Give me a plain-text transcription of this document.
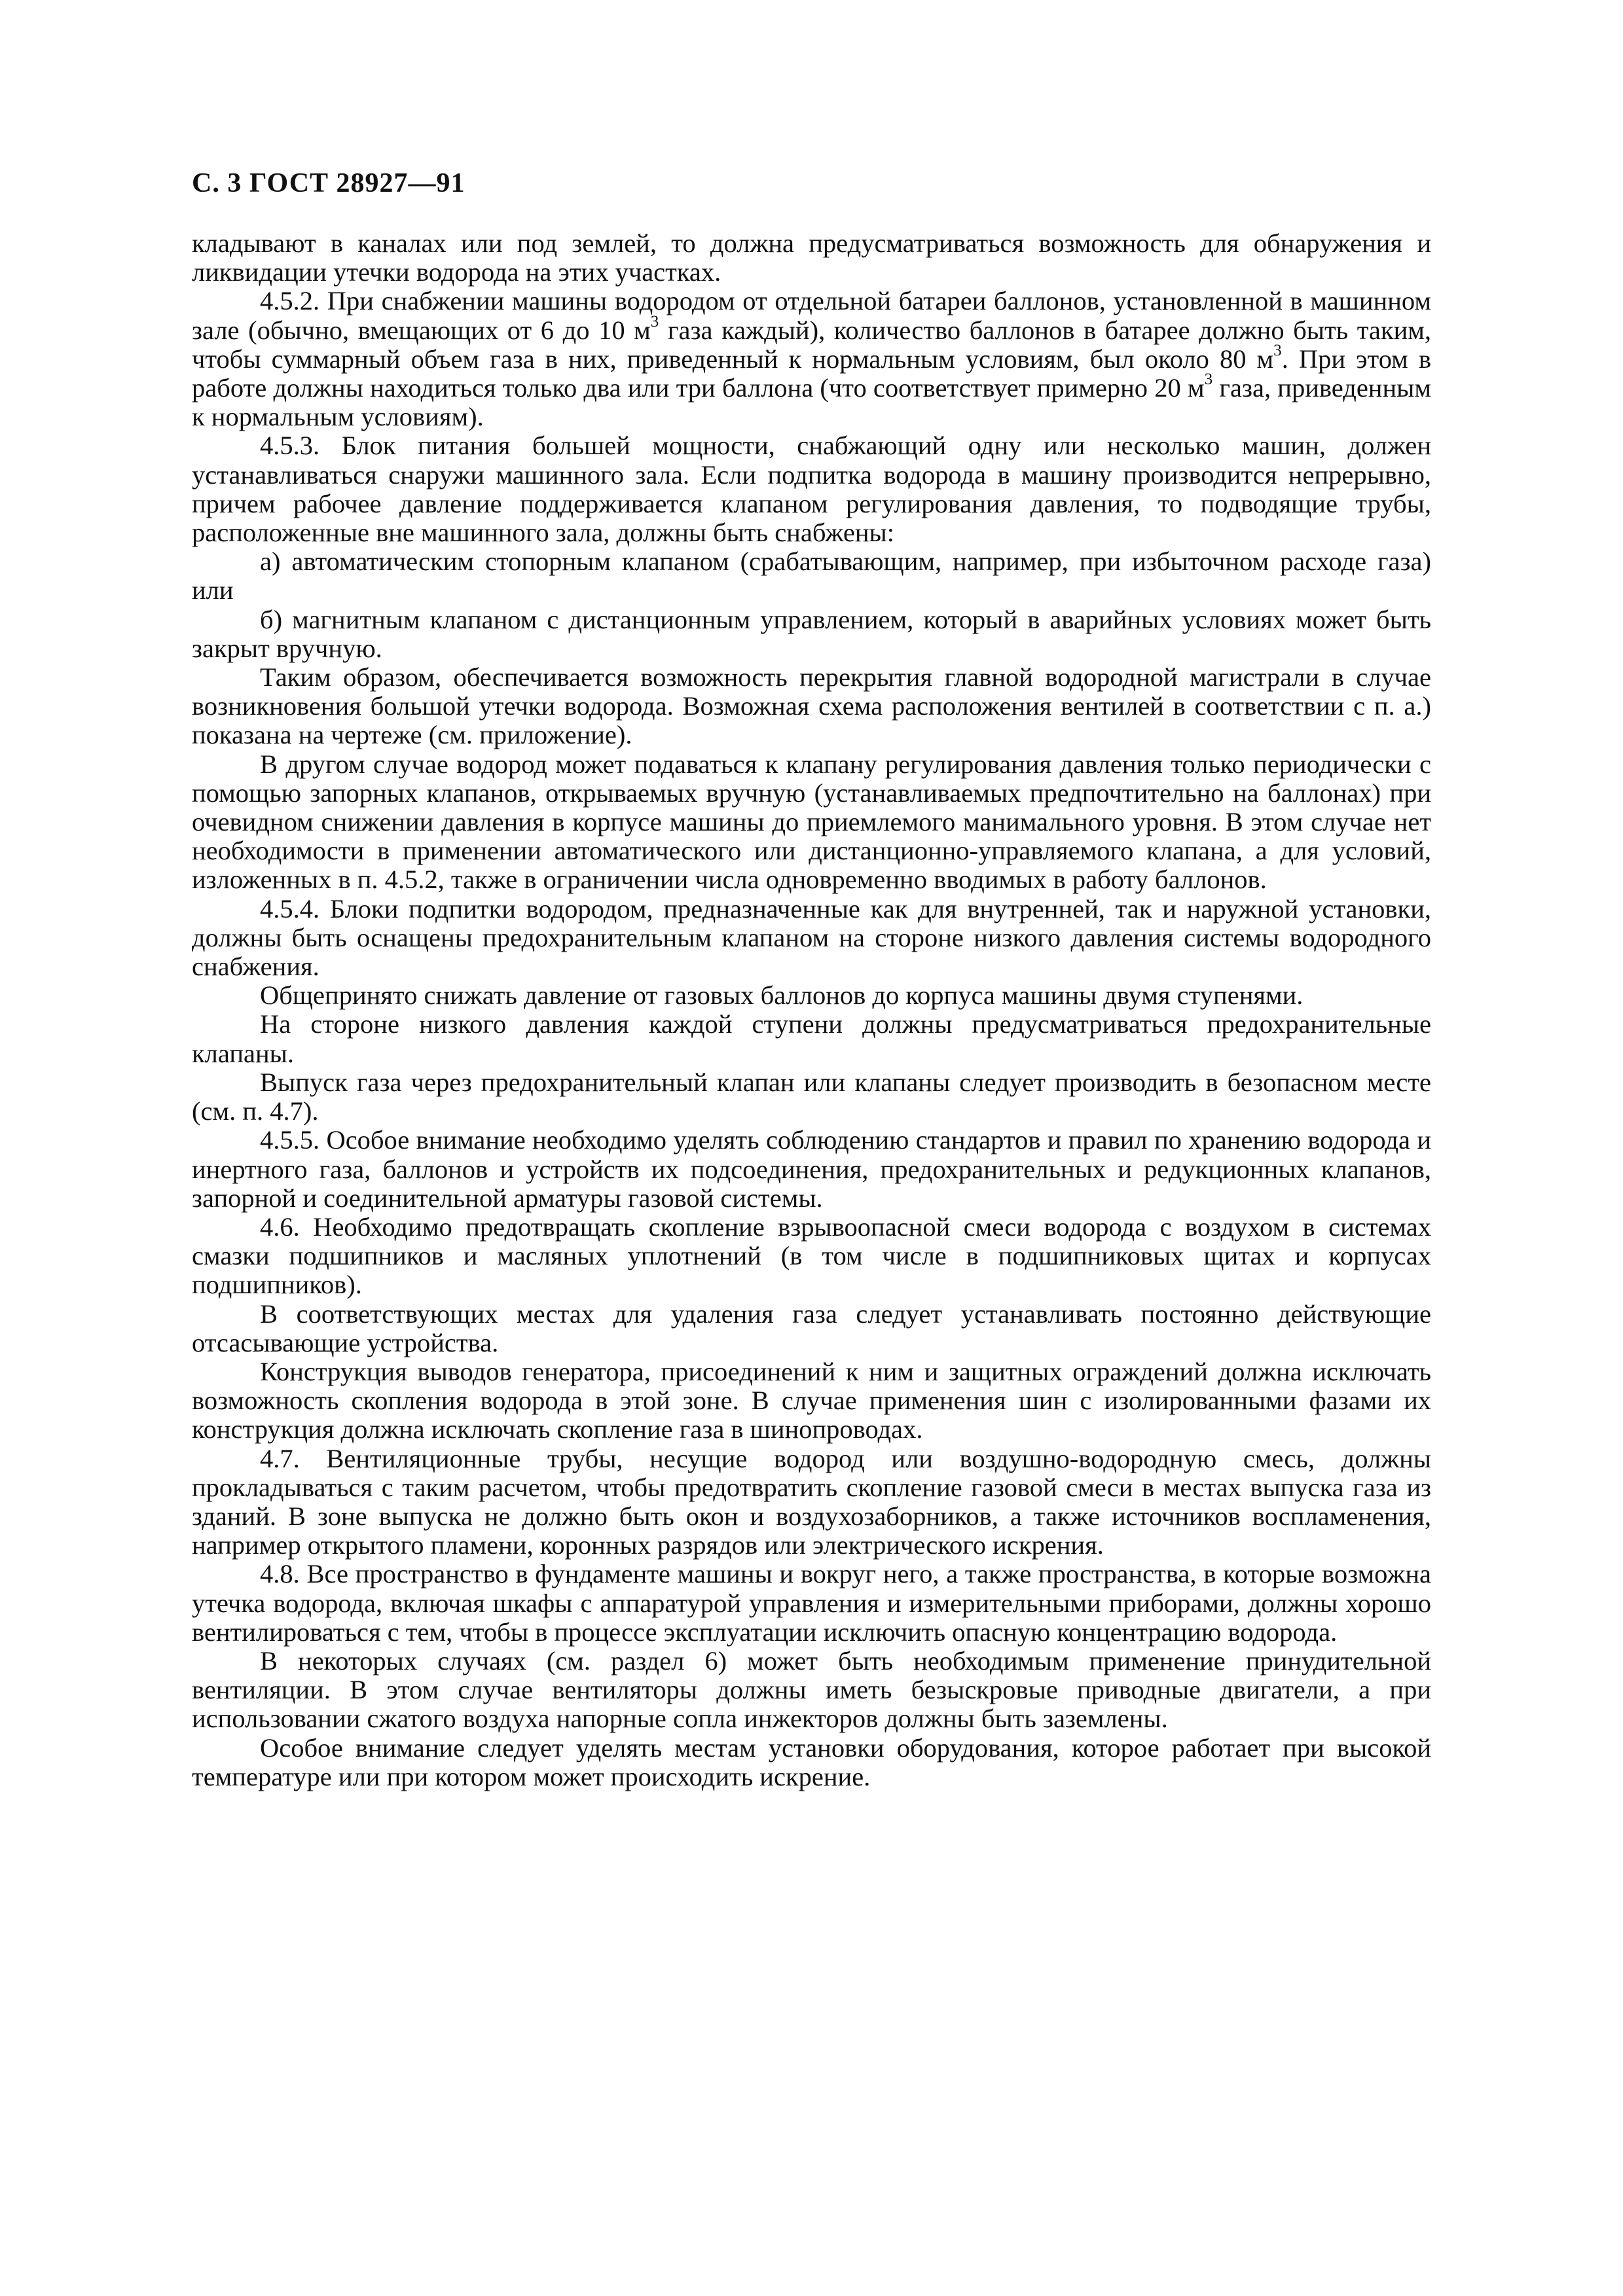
С. 3 ГОСТ 28927—91

кладывают в каналах или под землей, то должна предусматриваться возможность для обнаружения и ликвидации утечки водорода на этих участках.

4.5.2. При снабжении машины водородом от отдельной батареи баллонов, установленной в машинном зале (обычно, вмещающих от 6 до 10 $м^3$ газа каждый), количество баллонов в батарее должно быть таким, чтобы суммарный объем газа в них, приведенный к нормальным условиям, был около 80 $м^3$. При этом в работе должны находиться только два или три баллона (что соответствует примерно 20 $м^3$ газа, приведенным к нормальным условиям).

4.5.3. Блок питания большей мощности, снабжающий одну или несколько машин, должен устанавливаться снаружи машинного зала. Если подпитка водорода в машину производится непрерывно, причем рабочее давление поддерживается клапаном регулирования давления, то подводящие трубы, расположенные вне машинного зала, должны быть снабжены:

а) автоматическим стопорным клапаном (срабатывающим, например, при избыточном расходе газа) или

б) магнитным клапаном с дистанционным управлением, который в аварийных условиях может быть закрыт вручную.

Таким образом, обеспечивается возможность перекрытия главной водородной магистрали в случае возникновения большой утечки водорода. Возможная схема расположения вентилей в соответствии с п. а.) показана на чертеже (см. приложение).

В другом случае водород может подаваться к клапану регулирования давления только периодически с помощью запорных клапанов, открываемых вручную (устанавливаемых предпочтительно на баллонах) при очевидном снижении давления в корпусе машины до приемлемого манимального уровня. В этом случае нет необходимости в применении автоматического или дистанционно-управляемого клапана, а для условий, изложенных в п. 4.5.2, также в ограничении числа одновременно вводимых в работу баллонов.

4.5.4. Блоки подпитки водородом, предназначенные как для внутренней, так и наружной установки, должны быть оснащены предохранительным клапаном на стороне низкого давления системы водородного снабжения.

Общепринято снижать давление от газовых баллонов до корпуса машины двумя ступенями.

На стороне низкого давления каждой ступени должны предусматриваться предохранительные клапаны.

Выпуск газа через предохранительный клапан или клапаны следует производить в безопасном месте (см. п. 4.7).

4.5.5. Особое внимание необходимо уделять соблюдению стандартов и правил по хранению водорода и инертного газа, баллонов и устройств их подсоединения, предохранительных и редукционных клапанов, запорной и соединительной арматуры газовой системы.

4.6. Необходимо предотвращать скопление взрывоопасной смеси водорода с воздухом в системах смазки подшипников и масляных уплотнений (в том числе в подшипниковых щитах и корпусах подшипников).

В соответствующих местах для удаления газа следует устанавливать постоянно действующие отсасывающие устройства.

Конструкция выводов генератора, присоединений к ним и защитных ограждений должна исключать возможность скопления водорода в этой зоне. В случае применения шин с изолированными фазами их конструкция должна исключать скопление газа в шинопроводах.

4.7. Вентиляционные трубы, несущие водород или воздушно-водородную смесь, должны прокладываться с таким расчетом, чтобы предотвратить скопление газовой смеси в местах выпуска газа из зданий. В зоне выпуска не должно быть окон и воздухозаборников, а также источников воспламенения, например открытого пламени, коронных разрядов или электрического искрения.

4.8. Все пространство в фундаменте машины и вокруг него, а также пространства, в которые возможна утечка водорода, включая шкафы с аппаратурой управления и измерительными приборами, должны хорошо вентилироваться с тем, чтобы в процессе эксплуатации исключить опасную концентрацию водорода.

В некоторых случаях (см. раздел 6) может быть необходимым применение принудительной вентиляции. В этом случае вентиляторы должны иметь безыскровые приводные двигатели, а при использовании сжатого воздуха напорные сопла инжекторов должны быть заземлены.

Особое внимание следует уделять местам установки оборудования, которое работает при высокой температуре или при котором может происходить искрение.
